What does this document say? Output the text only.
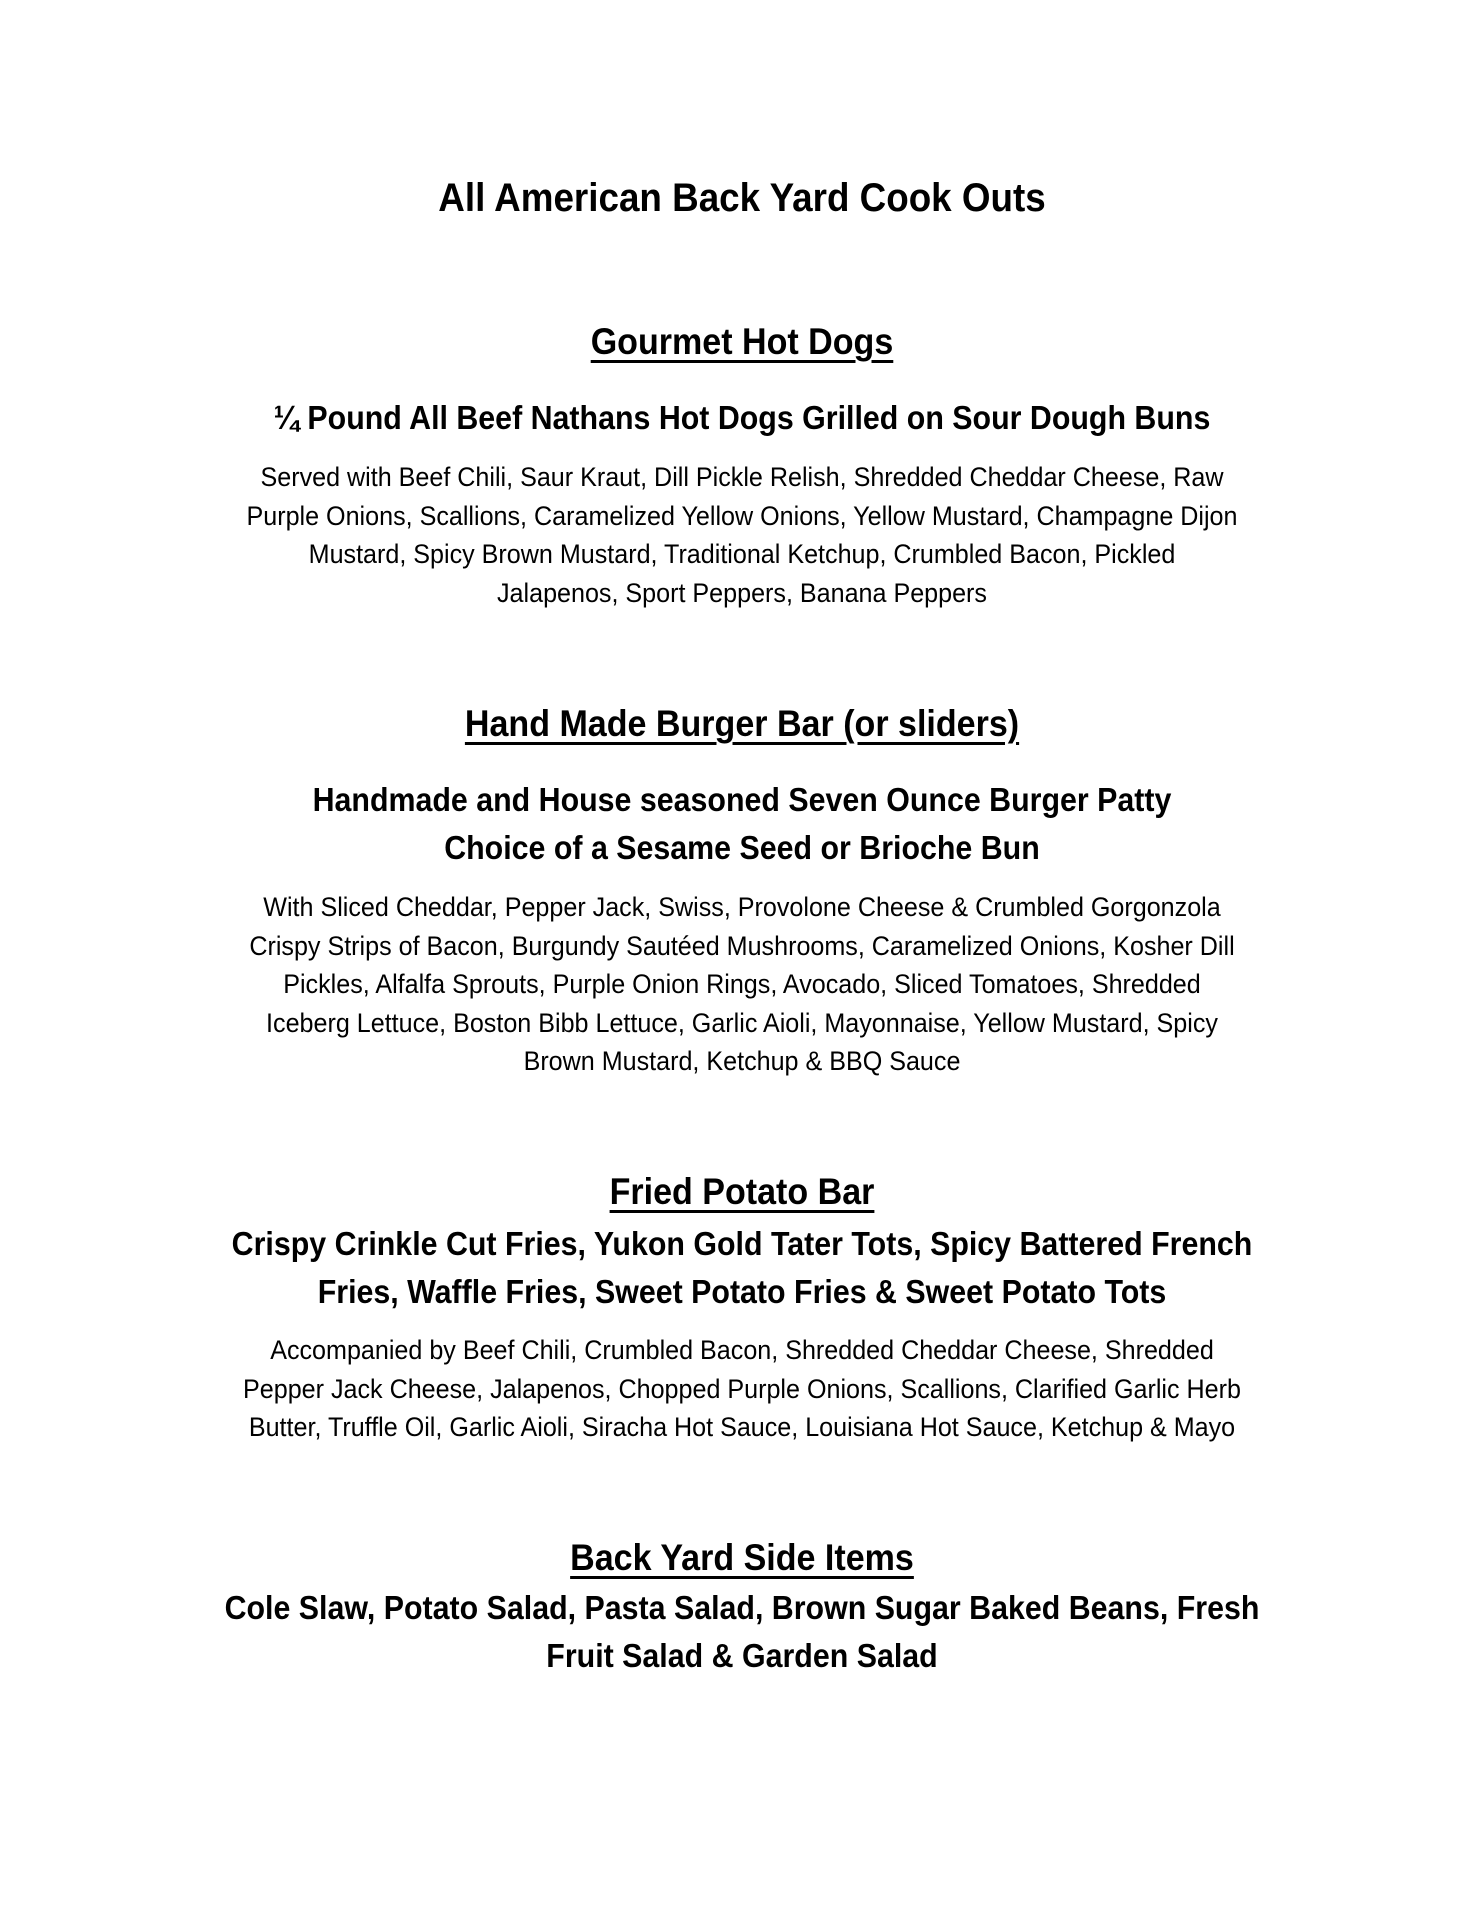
All American Back Yard Cook Outs
Gourmet Hot Dogs
¼ Pound All Beef Nathans Hot Dogs Grilled on Sour Dough Buns
Served with Beef Chili, Saur Kraut, Dill Pickle Relish, Shredded Cheddar Cheese, Raw
Purple Onions, Scallions, Caramelized Yellow Onions, Yellow Mustard, Champagne Dijon
Mustard, Spicy Brown Mustard, Traditional Ketchup, Crumbled Bacon, Pickled
Jalapenos, Sport Peppers, Banana Peppers
Hand Made Burger Bar (or sliders)
Handmade and House seasoned Seven Ounce Burger Patty
Choice of a Sesame Seed or Brioche Bun
With Sliced Cheddar, Pepper Jack, Swiss, Provolone Cheese & Crumbled Gorgonzola
Crispy Strips of Bacon, Burgundy Sautéed Mushrooms, Caramelized Onions, Kosher Dill
Pickles, Alfalfa Sprouts, Purple Onion Rings, Avocado, Sliced Tomatoes, Shredded
Iceberg Lettuce, Boston Bibb Lettuce, Garlic Aioli, Mayonnaise, Yellow Mustard, Spicy
Brown Mustard, Ketchup & BBQ Sauce
Fried Potato Bar
Crispy Crinkle Cut Fries, Yukon Gold Tater Tots, Spicy Battered French
Fries, Waffle Fries, Sweet Potato Fries & Sweet Potato Tots
Accompanied by Beef Chili, Crumbled Bacon, Shredded Cheddar Cheese, Shredded
Pepper Jack Cheese, Jalapenos, Chopped Purple Onions, Scallions, Clarified Garlic Herb
Butter, Truffle Oil, Garlic Aioli, Siracha Hot Sauce, Louisiana Hot Sauce, Ketchup & Mayo
Back Yard Side Items
Cole Slaw, Potato Salad, Pasta Salad, Brown Sugar Baked Beans, Fresh
Fruit Salad & Garden Salad
